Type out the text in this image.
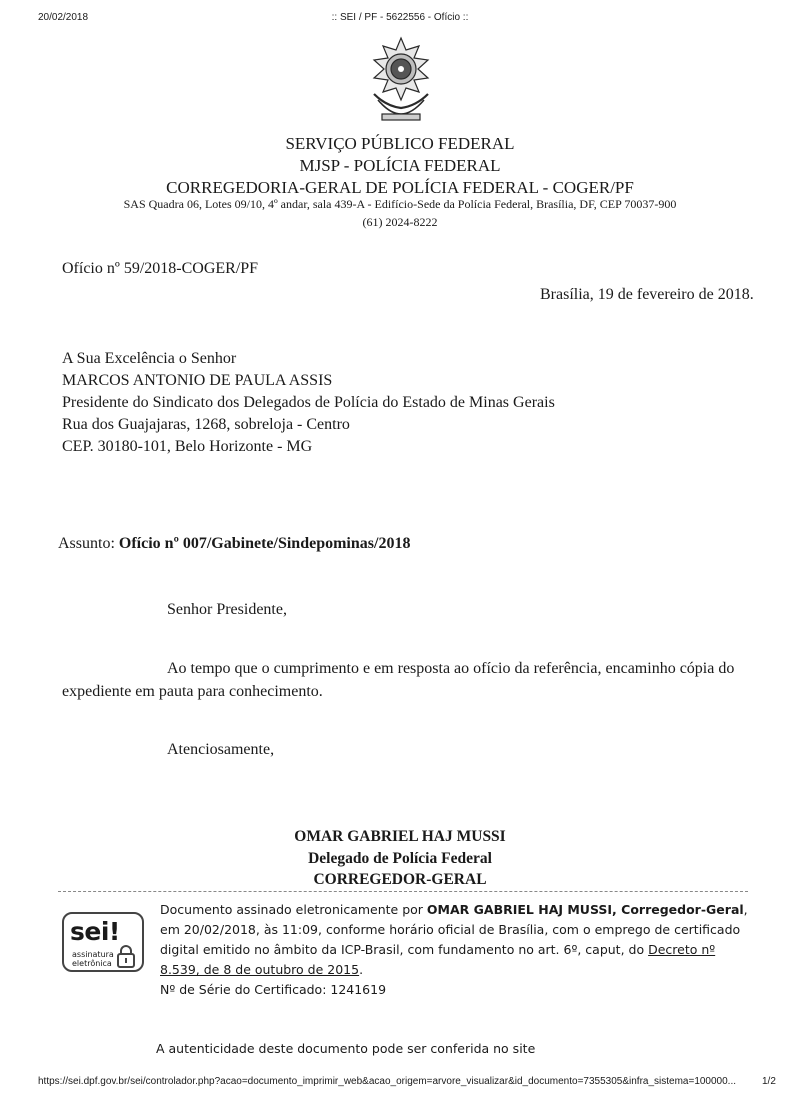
20/02/2018	:: SEI / PF - 5622556 - Ofício ::
SERVIÇO PÚBLICO FEDERAL
MJSP - POLÍCIA FEDERAL
CORREGEDORIA-GERAL DE POLÍCIA FEDERAL - COGER/PF
SAS Quadra 06, Lotes 09/10, 4º andar, sala 439-A - Edifício-Sede da Polícia Federal, Brasília, DF, CEP 70037-900
(61) 2024-8222
Ofício nº 59/2018-COGER/PF
Brasília, 19 de fevereiro de 2018.
A Sua Excelência o Senhor
MARCOS ANTONIO DE PAULA ASSIS
Presidente do Sindicato dos Delegados de Polícia do Estado de Minas Gerais
Rua dos Guajajaras, 1268, sobreloja - Centro
CEP. 30180-101, Belo Horizonte - MG
Assunto: Ofício nº 007/Gabinete/Sindepominas/2018
Senhor Presidente,
Ao tempo que o cumprimento e em resposta ao ofício da referência, encaminho cópia do
expediente em pauta para conhecimento.
Atenciosamente,
OMAR GABRIEL HAJ MUSSI
Delegado de Polícia Federal
CORREGEDOR-GERAL
sei!
assinatura
eletrônica
Documento assinado eletronicamente por OMAR GABRIEL HAJ MUSSI, Corregedor-Geral, em 20/02/2018, às 11:09, conforme horário oficial de Brasília, com o emprego de certificado digital emitido no âmbito da ICP-Brasil, com fundamento no art. 6º, caput, do Decreto nº 8.539, de 8 de outubro de 2015.
Nº de Série do Certificado: 1241619
A autenticidade deste documento pode ser conferida no site
https://sei.dpf.gov.br/sei/controlador.php?acao=documento_imprimir_web&acao_origem=arvore_visualizar&id_documento=7355305&infra_sistema=100000...	1/2
